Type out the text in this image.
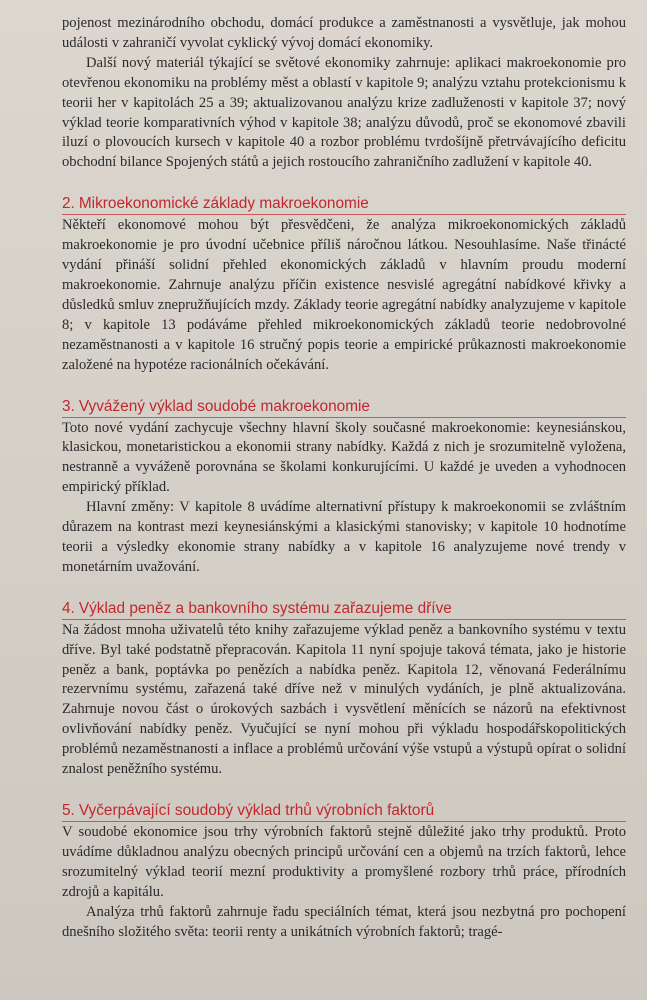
pojenost mezinárodního obchodu, domácí produkce a zaměstnanosti a vysvětluje, jak mohou události v zahraničí vyvolat cyklický vývoj domácí ekonomiky.

Další nový materiál týkající se světové ekonomiky zahrnuje: aplikaci makroekonomie pro otevřenou ekonomiku na problémy měst a oblastí v kapitole 9; analýzu vztahu protekcionismu k teorii her v kapitolách 25 a 39; aktualizovanou analýzu krize zadluženosti v kapitole 37; nový výklad teorie komparativních výhod v kapitole 38; analýzu důvodů, proč se ekonomové zbavili iluzí o plovoucích kursech v kapitole 40 a rozbor problému tvrdošíjně přetrvávajícího deficitu obchodní bilance Spojených států a jejich rostoucího zahraničního zadlužení v kapitole 40.

2. Mikroekonomické základy makroekonomie

Někteří ekonomové mohou být přesvědčeni, že analýza mikroekonomických základů makroekonomie je pro úvodní učebnice příliš náročnou látkou. Nesouhlasíme. Naše třinácté vydání přináší solidní přehled ekonomických základů v hlavním proudu moderní makroekonomie. Zahrnuje analýzu příčin existence nesvislé agregátní nabídkové křivky a důsledků smluv znepružňujících mzdy. Základy teorie agregátní nabídky analyzujeme v kapitole 8; v kapitole 13 podáváme přehled mikroekonomických základů teorie nedobrovolné nezaměstnanosti a v kapitole 16 stručný popis teorie a empirické průkaznosti makroekonomie založené na hypotéze racionálních očekávání.

3. Vyvážený výklad soudobé makroekonomie

Toto nové vydání zachycuje všechny hlavní školy současné makroekonomie: keynesiánskou, klasickou, monetaristickou a ekonomii strany nabídky. Každá z nich je srozumitelně vyložena, nestranně a vyváženě porovnána se školami konkurujícími. U každé je uveden a vyhodnocen empirický příklad.

Hlavní změny: V kapitole 8 uvádíme alternativní přístupy k makroekonomii se zvláštním důrazem na kontrast mezi keynesiánskými a klasickými stanovisky; v kapitole 10 hodnotíme teorii a výsledky ekonomie strany nabídky a v kapitole 16 analyzujeme nové trendy v monetárním uvažování.

4. Výklad peněz a bankovního systému zařazujeme dříve

Na žádost mnoha uživatelů této knihy zařazujeme výklad peněz a bankovního systému v textu dříve. Byl také podstatně přepracován. Kapitola 11 nyní spojuje taková témata, jako je historie peněz a bank, poptávka po penězích a nabídka peněz. Kapitola 12, věnovaná Federálnímu rezervnímu systému, zařazená také dříve než v minulých vydáních, je plně aktualizována. Zahrnuje novou část o úrokových sazbách i vysvětlení měnících se názorů na efektivnost ovlivňování nabídky peněz. Vyučující se nyní mohou při výkladu hospodářskopolitických problémů nezaměstnanosti a inflace a problémů určování výše vstupů a výstupů opírat o solidní znalost peněžního systému.

5. Vyčerpávající soudobý výklad trhů výrobních faktorů

V soudobé ekonomice jsou trhy výrobních faktorů stejně důležité jako trhy produktů. Proto uvádíme důkladnou analýzu obecných principů určování cen a objemů na trzích faktorů, lehce srozumitelný výklad teorií mezní produktivity a promyšlené rozbory trhů práce, přírodních zdrojů a kapitálu.

Analýza trhů faktorů zahrnuje řadu speciálních témat, která jsou nezbytná pro pochopení dnešního složitého světa: teorii renty a unikátních výrobních faktorů; tragé-
